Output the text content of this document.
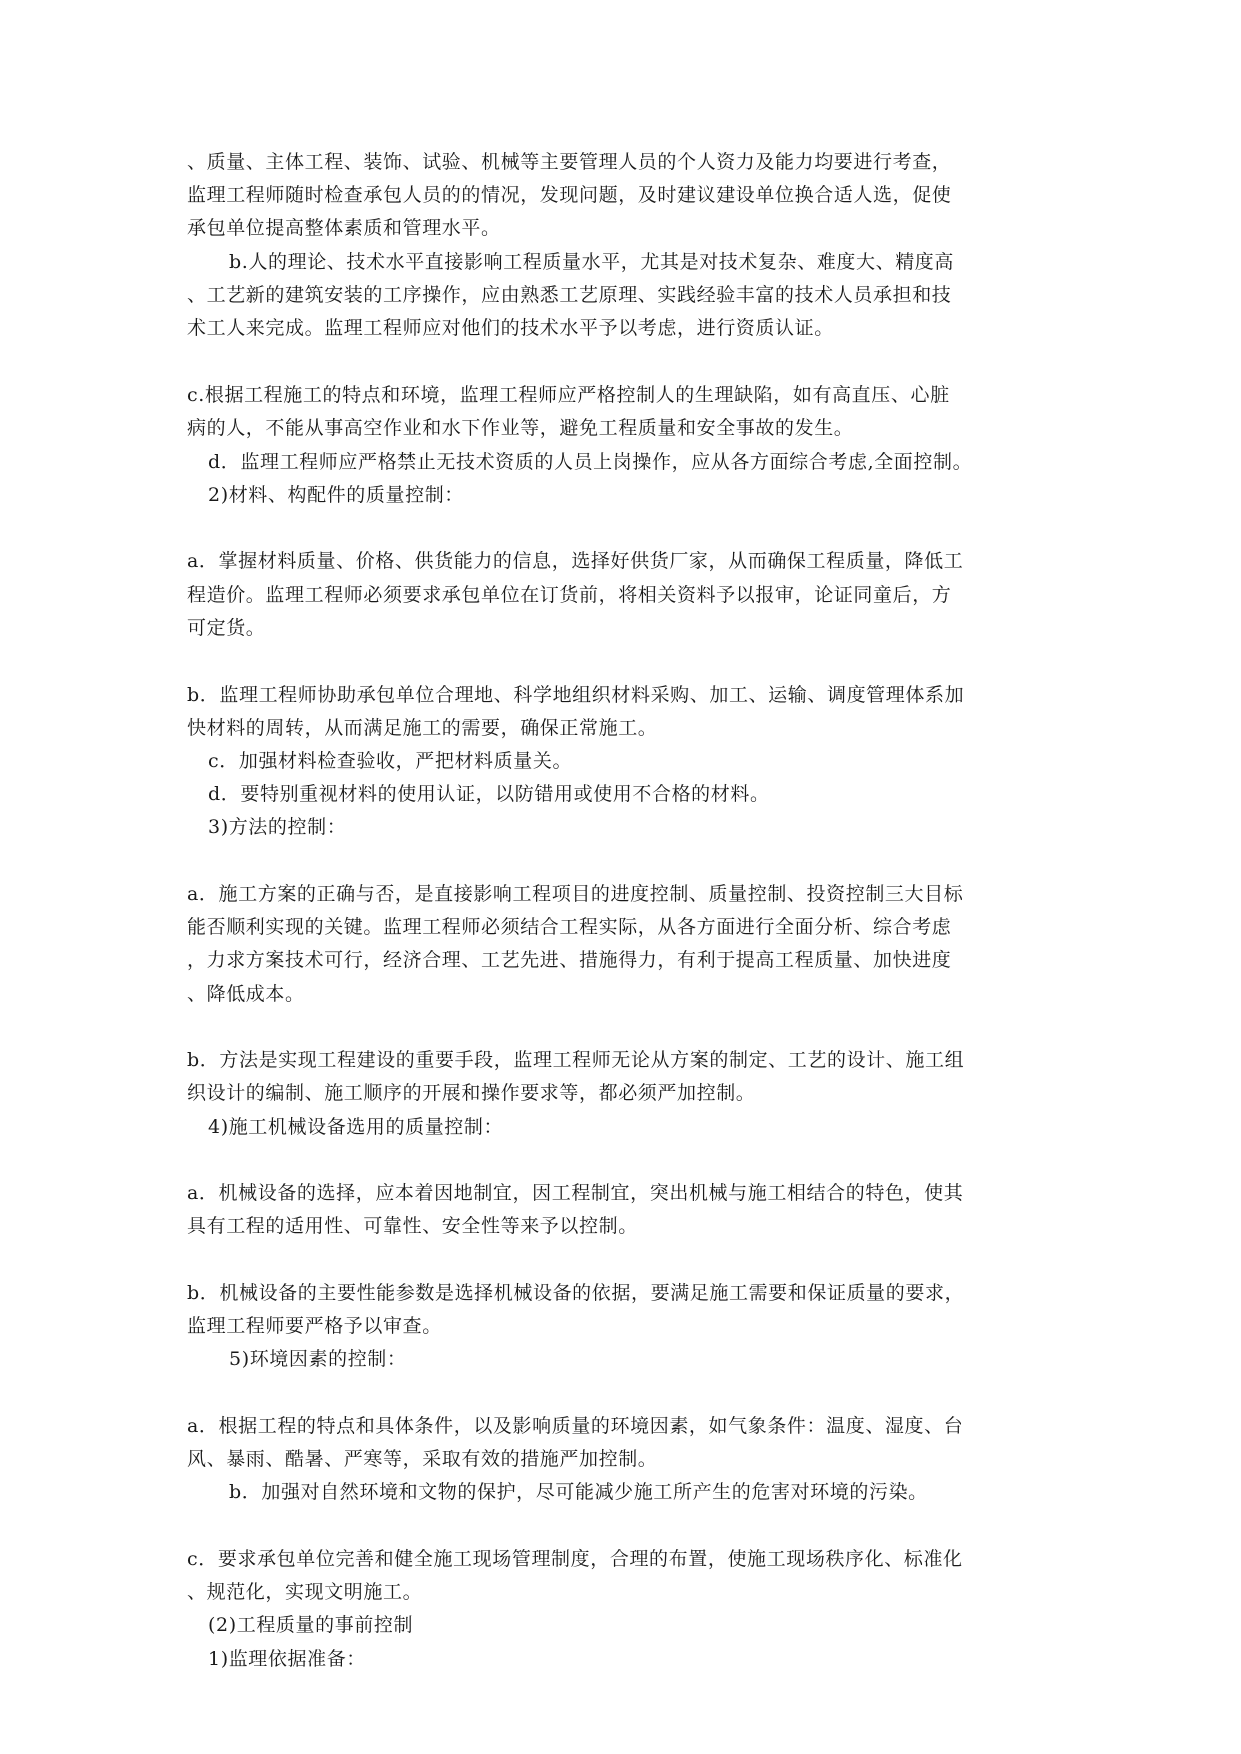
、质量、主体工程、装饰、试验、机械等主要管理人员的个人资力及能力均要进行考查，
监理工程师随时检查承包人员的的情况，发现问题，及时建议建设单位换合适人选，促使
承包单位提高整体素质和管理水平。
b.人的理论、技术水平直接影响工程质量水平，尤其是对技术复杂、难度大、精度高
、工艺新的建筑安装的工序操作，应由熟悉工艺原理、实践经验丰富的技术人员承担和技
术工人来完成。监理工程师应对他们的技术水平予以考虑，进行资质认证。
c.根据工程施工的特点和环境，监理工程师应严格控制人的生理缺陷，如有高直压、心脏
病的人，不能从事高空作业和水下作业等，避免工程质量和安全事故的发生。
d．监理工程师应严格禁止无技术资质的人员上岗操作，应从各方面综合考虑,全面控制。
2)材料、构配件的质量控制：
a．掌握材料质量、价格、供货能力的信息，选择好供货厂家，从而确保工程质量，降低工
程造价。监理工程师必须要求承包单位在订货前，将相关资料予以报审，论证同童后，方
可定货。
b．监理工程师协助承包单位合理地、科学地组织材料采购、加工、运输、调度管理体系加
快材料的周转，从而满足施工的需要，确保正常施工。
c．加强材料检查验收，严把材料质量关。
d．要特别重视材料的使用认证，以防错用或使用不合格的材料。
3)方法的控制：
a．施工方案的正确与否，是直接影响工程项目的进度控制、质量控制、投资控制三大目标
能否顺利实现的关键。监理工程师必须结合工程实际，从各方面进行全面分析、综合考虑
，力求方案技术可行，经济合理、工艺先进、措施得力，有利于提高工程质量、加快进度
、降低成本。
b．方法是实现工程建设的重要手段，监理工程师无论从方案的制定、工艺的设计、施工组
织设计的编制、施工顺序的开展和操作要求等，都必须严加控制。
4)施工机械设备选用的质量控制：
a．机械设备的选择，应本着因地制宜，因工程制宜，突出机械与施工相结合的特色，使其
具有工程的适用性、可靠性、安全性等来予以控制。
b．机械设备的主要性能参数是选择机械设备的依据，要满足施工需要和保证质量的要求，
监理工程师要严格予以审查。
5)环境因素的控制：
a．根据工程的特点和具体条件，以及影响质量的环境因素，如气象条件：温度、湿度、台
风、暴雨、酷暑、严寒等，采取有效的措施严加控制。
b．加强对自然环境和文物的保护，尽可能减少施工所产生的危害对环境的污染。
c．要求承包单位完善和健全施工现场管理制度，合理的布置，使施工现场秩序化、标准化
、规范化，实现文明施工。
(2)工程质量的事前控制
1)监理依据准备：
